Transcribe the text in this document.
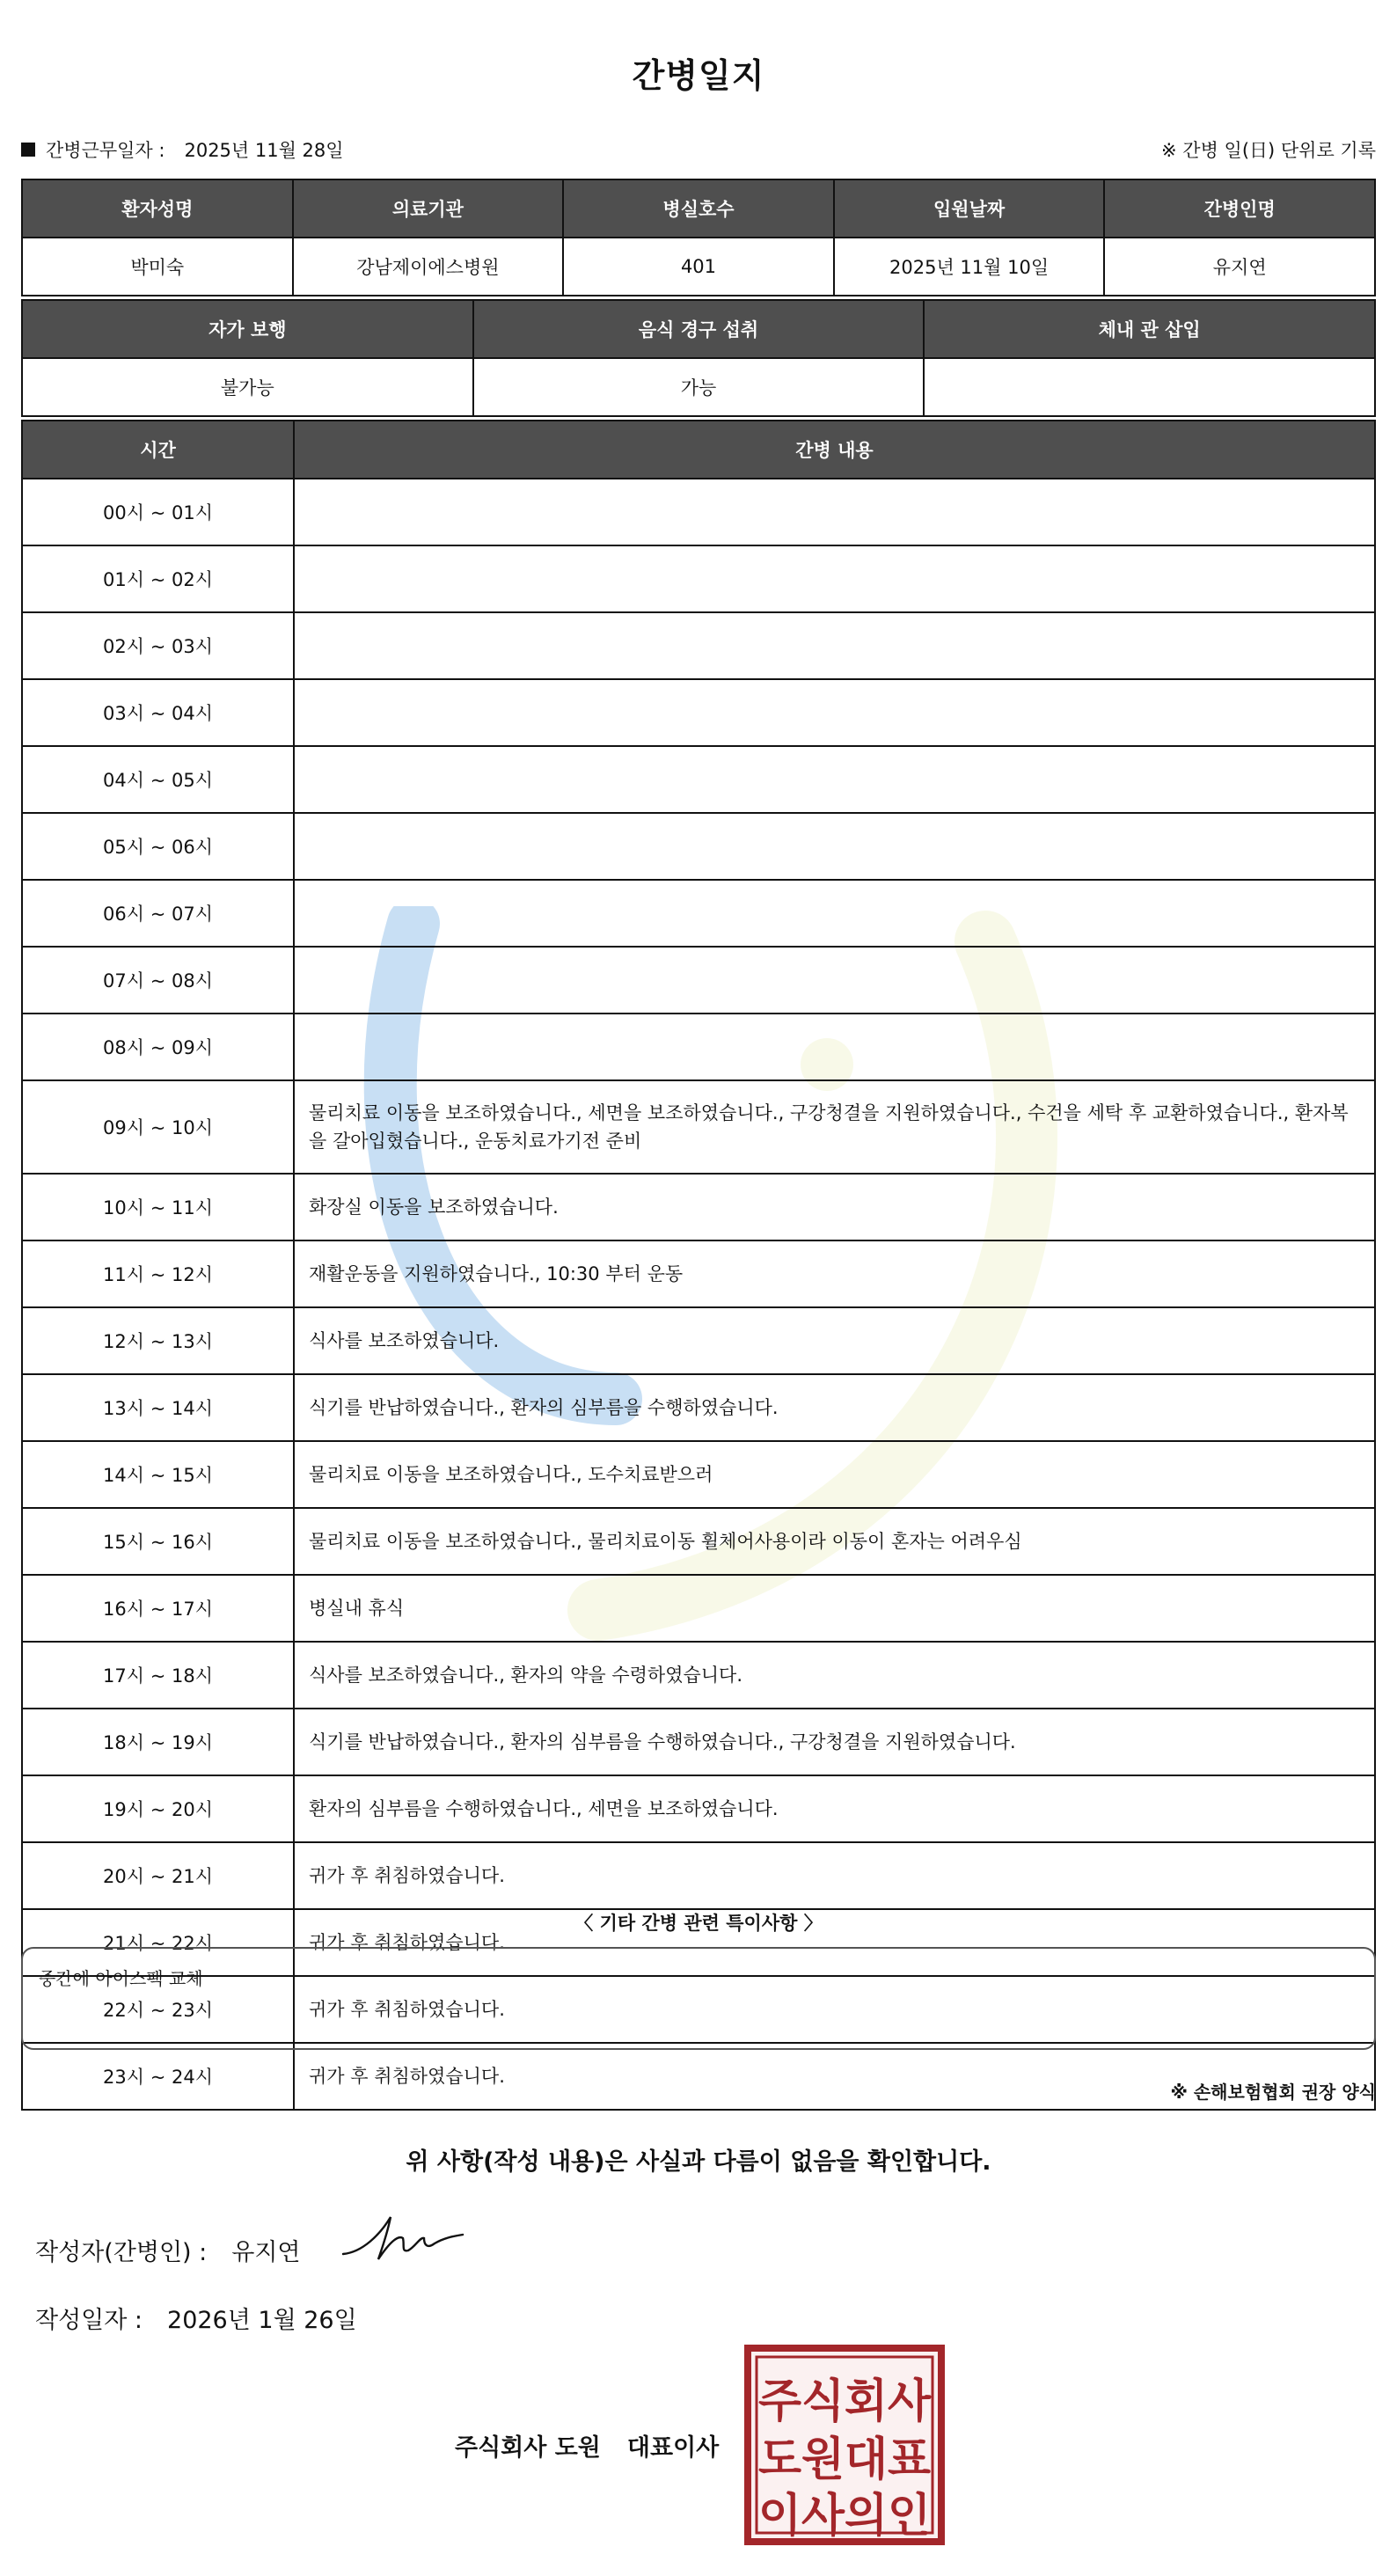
간병일지
간병근무일자 : 2025년 11월 28일	※ 간병 일(日) 단위로 기록
환자성명	의료기관	병실호수	입원날짜	간병인명
박미숙	강남제이에스병원	401	2025년 11월 10일	유지연
자가 보행	음식 경구 섭취	체내 관 삽입
불가능	가능	
시간	간병 내용
00시 ~ 01시	
01시 ~ 02시	
02시 ~ 03시	
03시 ~ 04시	
04시 ~ 05시	
05시 ~ 06시	
06시 ~ 07시	
07시 ~ 08시	
08시 ~ 09시	
09시 ~ 10시	물리치료 이동을 보조하였습니다., 세면을 보조하였습니다., 구강청결을 지원하였습니다., 수건을 세탁 후 교환하였습니다., 환자복을 갈아입혔습니다., 운동치료가기전 준비
10시 ~ 11시	화장실 이동을 보조하였습니다.
11시 ~ 12시	재활운동을 지원하였습니다., 10:30 부터 운동
12시 ~ 13시	식사를 보조하였습니다.
13시 ~ 14시	식기를 반납하였습니다., 환자의 심부름을 수행하였습니다.
14시 ~ 15시	물리치료 이동을 보조하였습니다., 도수치료받으러
15시 ~ 16시	물리치료 이동을 보조하였습니다., 물리치료이동 휠체어사용이라 이동이 혼자는 어려우심
16시 ~ 17시	병실내 휴식
17시 ~ 18시	식사를 보조하였습니다., 환자의 약을 수령하였습니다.
18시 ~ 19시	식기를 반납하였습니다., 환자의 심부름을 수행하였습니다., 구강청결을 지원하였습니다.
19시 ~ 20시	환자의 심부름을 수행하였습니다., 세면을 보조하였습니다.
20시 ~ 21시	귀가 후 취침하였습니다.
21시 ~ 22시	귀가 후 취침하였습니다.
22시 ~ 23시	귀가 후 취침하였습니다.
23시 ~ 24시	귀가 후 취침하였습니다.
〈 기타 간병 관련 특이사항 〉
중간에 아이스팩 교체
※ 손해보험협회 권장 양식
위 사항(작성 내용)은 사실과 다름이 없음을 확인합니다.
작성자(간병인) : 유지연
작성일자 : 2026년 1월 26일
주식회사 도원 대표이사
주식회사
도원대표
이사의인
